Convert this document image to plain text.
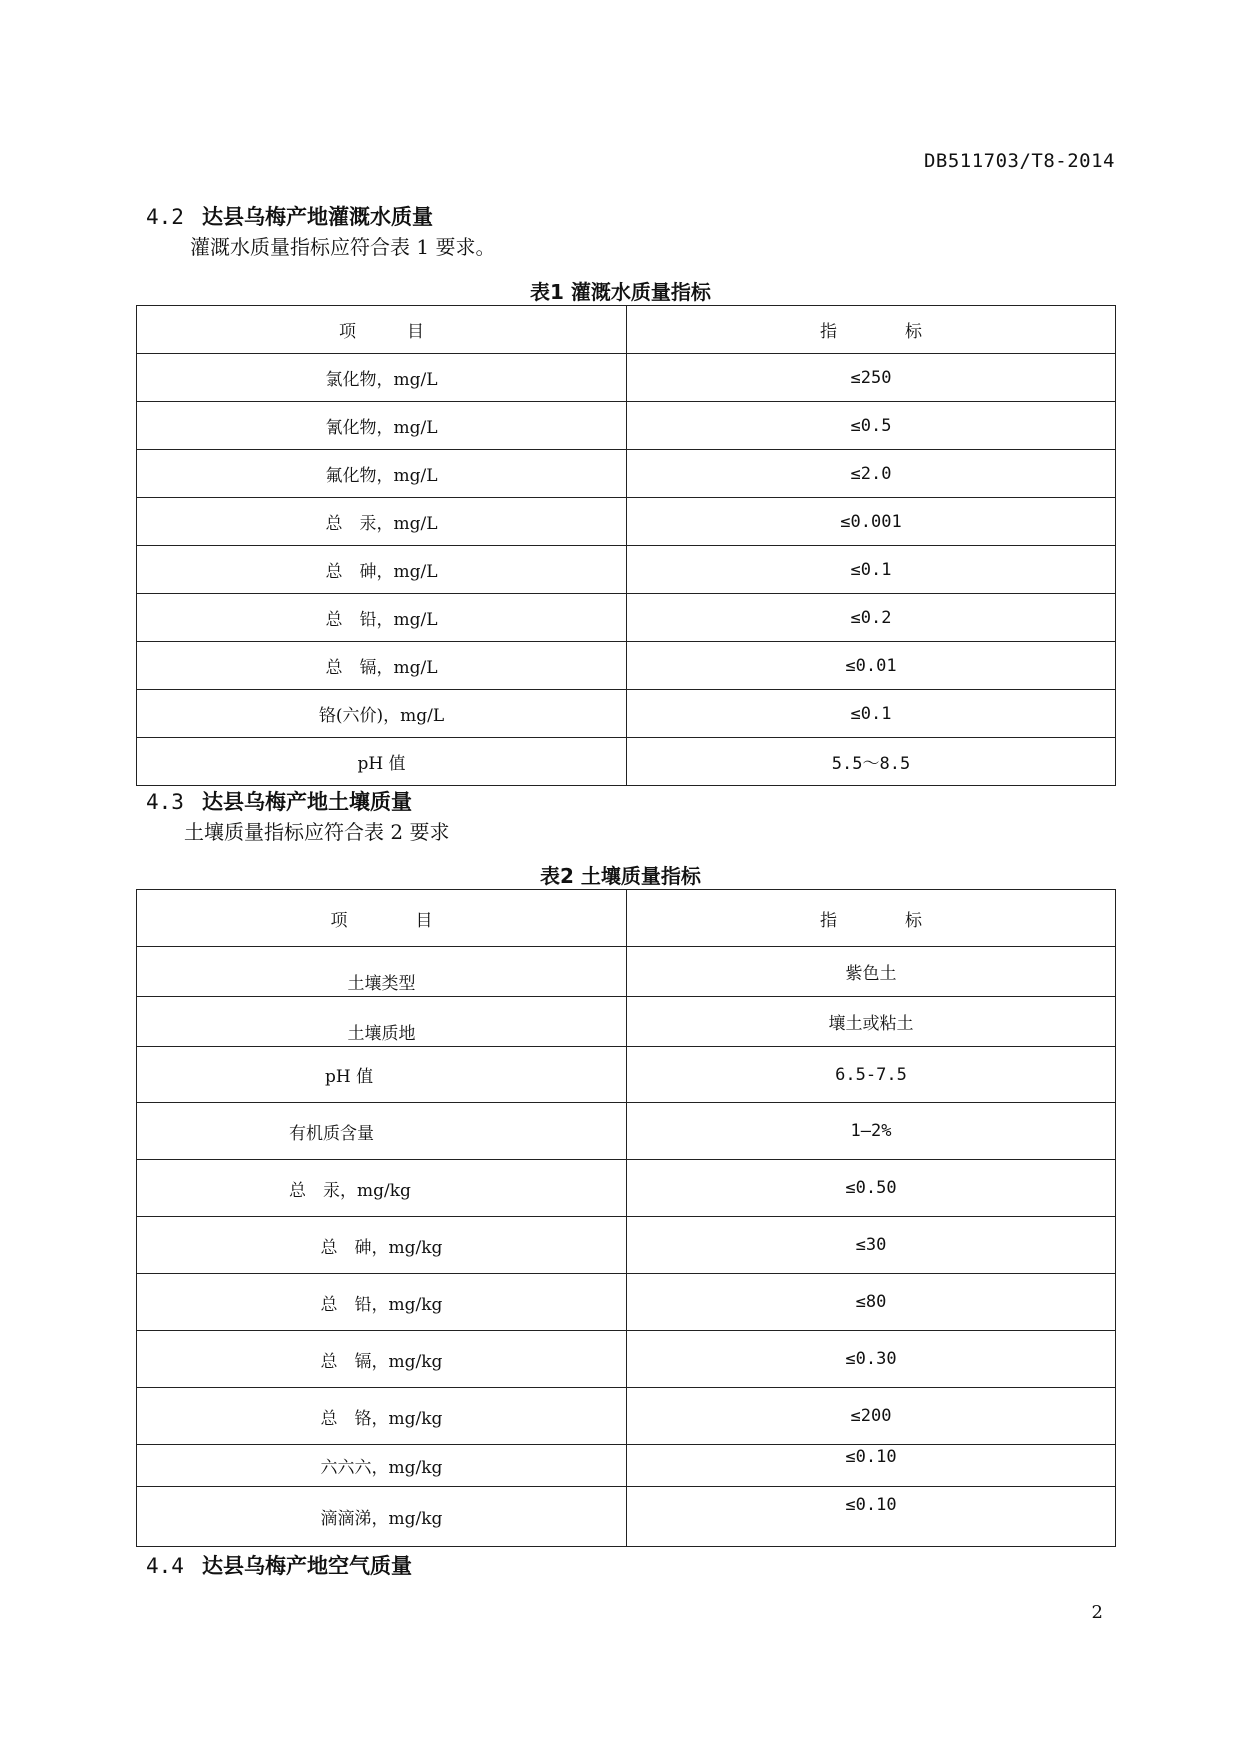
DB511703/T8-2014
4.2 达县乌梅产地灌溉水质量
灌溉水质量指标应符合表 1 要求。
表1 灌溉水质量指标
项　　　目	指　　　　标
氯化物，mg/L	≤250
氰化物，mg/L	≤0.5
氟化物，mg/L	≤2.0
总　汞，mg/L	≤0.001
总　砷，mg/L	≤0.1
总　铅，mg/L	≤0.2
总　镉，mg/L	≤0.01
铬(六价)，mg/L	≤0.1
pH 值	5.5～8.5
4.3 达县乌梅产地土壤质量
土壤质量指标应符合表 2 要求
表2 土壤质量指标
项　　　　目	指　　　　标
土壤类型	紫色土
土壤质地	壤土或粘土
pH 值	6.5-7.5
有机质含量	1—2%
总　汞，mg/kg	≤0.50
总　砷，mg/kg	≤30
总　铅，mg/kg	≤80
总　镉，mg/kg	≤0.30
总　铬，mg/kg	≤200
六六六，mg/kg	≤0.10
滴滴涕，mg/kg	≤0.10
4.4 达县乌梅产地空气质量
2
